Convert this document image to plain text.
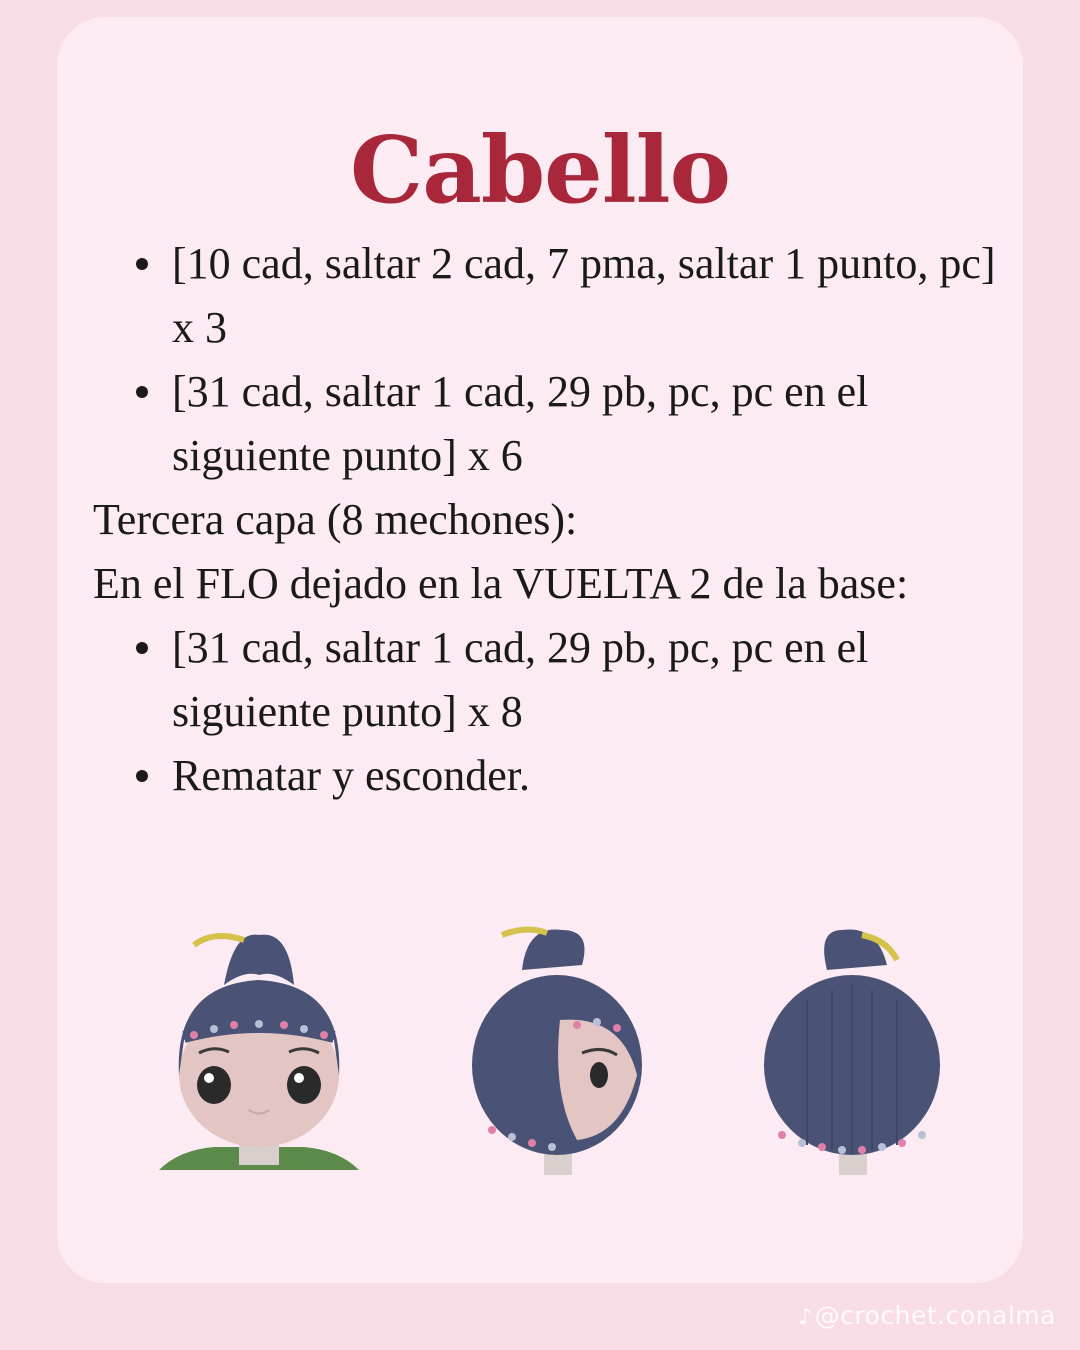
Cabello
[10 cad, saltar 2 cad, 7 pma, saltar 1 punto, pc] x 3
[31 cad, saltar 1 cad, 29 pb, pc, pc en el siguiente punto] x 6

Tercera capa (8 mechones):

En el FLO dejado en la VUELTA 2 de la base:

[31 cad, saltar 1 cad, 29 pb, pc, pc en el siguiente punto] x 8
Rematar y esconder.
♪@crochet.conalma
